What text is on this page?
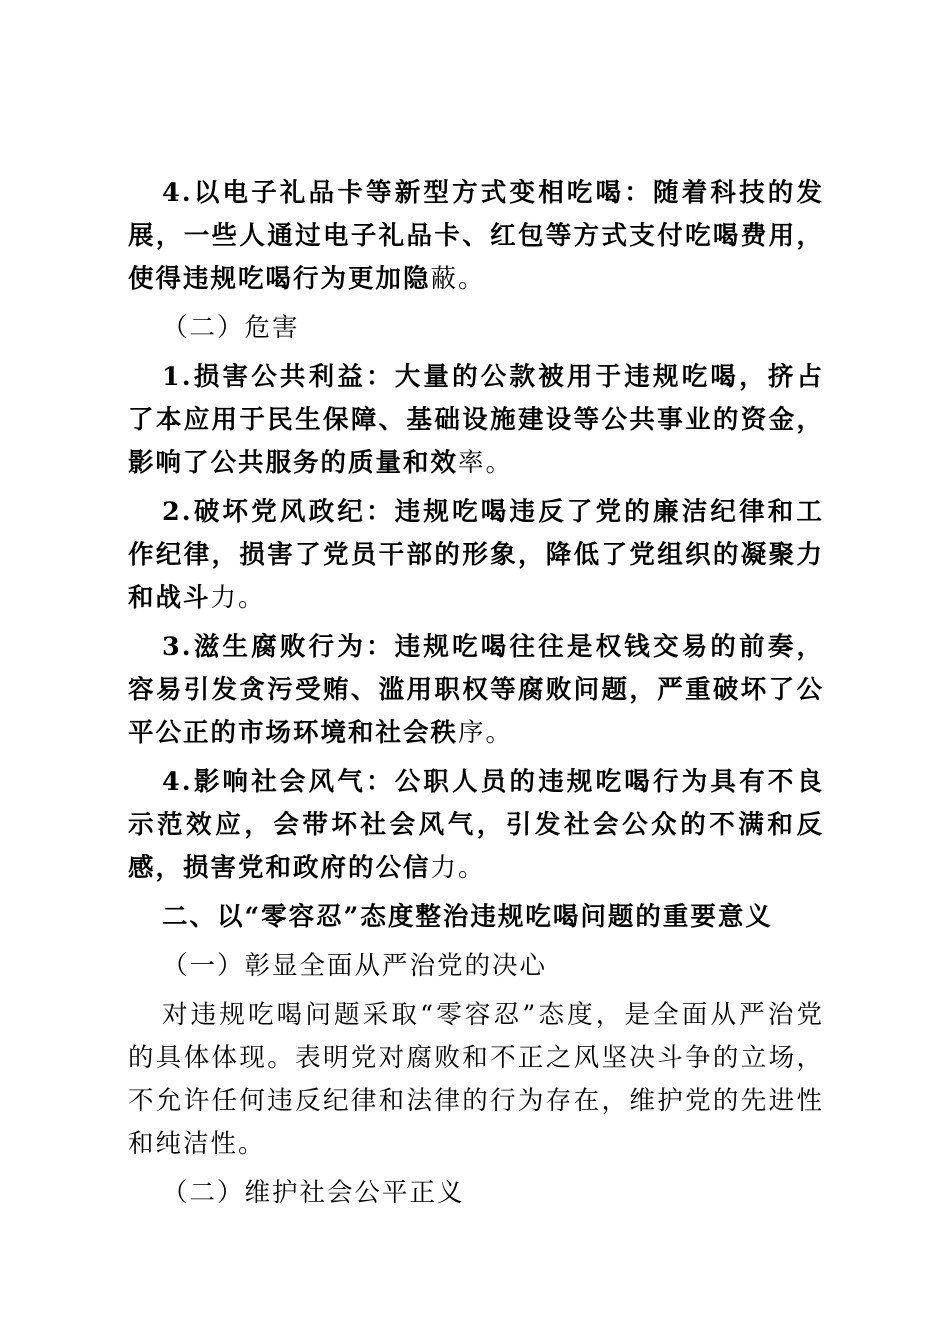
4.以电子礼品卡等新型方式变相吃喝：随着科技的发展，一些人通过电子礼品卡、红包等方式支付吃喝费用，使得违规吃喝行为更加隐蔽。

（二）危害

1.损害公共利益：大量的公款被用于违规吃喝，挤占了本应用于民生保障、基础设施建设等公共事业的资金，影响了公共服务的质量和效率。

2.破坏党风政纪：违规吃喝违反了党的廉洁纪律和工作纪律，损害了党员干部的形象，降低了党组织的凝聚力和战斗力。

3.滋生腐败行为：违规吃喝往往是权钱交易的前奏，容易引发贪污受贿、滥用职权等腐败问题，严重破坏了公平公正的市场环境和社会秩序。

4.影响社会风气：公职人员的违规吃喝行为具有不良示范效应，会带坏社会风气，引发社会公众的不满和反感，损害党和政府的公信力。

二、以“零容忍”态度整治违规吃喝问题的重要意义

（一）彰显全面从严治党的决心

对违规吃喝问题采取“零容忍”态度，是全面从严治党的具体体现。表明党对腐败和不正之风坚决斗争的立场，不允许任何违反纪律和法律的行为存在，维护党的先进性和纯洁性。

（二）维护社会公平正义
